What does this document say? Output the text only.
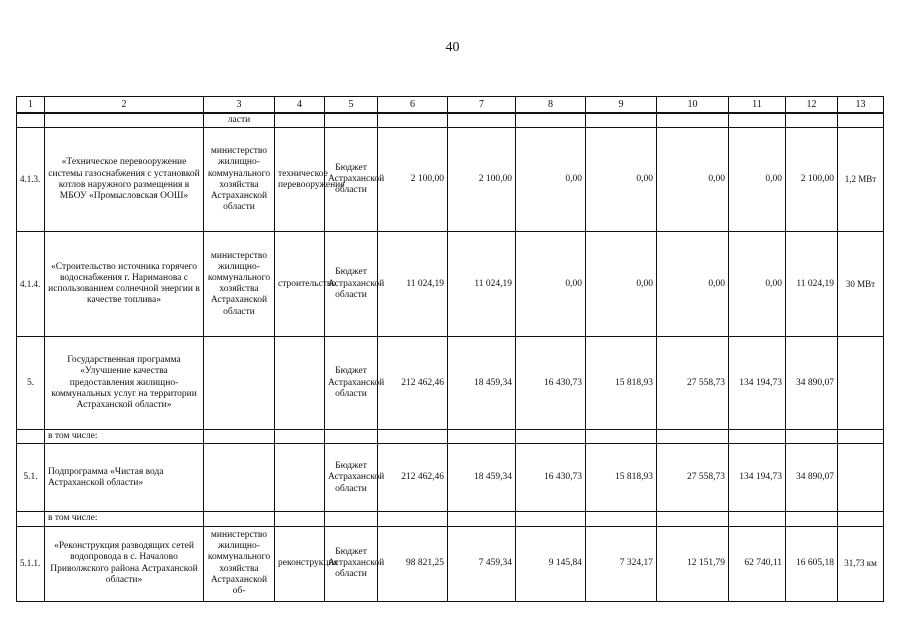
40
1	2	3	4	5	6	7	8	9	10	11	12	13
		ласти										
4.1.3.	«Техническое перевооружение системы газоснабжения с установкой котлов наружного размещения в МБОУ «Промысловская ООШ»	министерство жилищно-коммунального хозяйства Астраханской области	техническое перевооружение	Бюджет Астраханской области	2 100,00	2 100,00	0,00	0,00	0,00	0,00	2 100,00	1,2 МВт
4.1.4.	«Строительство источника горячего водоснабжения г. Нариманова с использованием солнечной энергии в качестве топлива»	министерство жилищно-коммунального хозяйства Астраханской области	строительство	Бюджет Астраханской области	11 024,19	11 024,19	0,00	0,00	0,00	0,00	11 024,19	30 МВт
5.	Государственная программа «Улучшение качества предоставления жилищно-коммунальных услуг на территории Астраханской области»			Бюджет Астраханской области	212 462,46	18 459,34	16 430,73	15 818,93	27 558,73	134 194,73	34 890,07	
	в том числе:											
5.1.	Подпрограмма «Чистая вода Астраханской области»			Бюджет Астраханской области	212 462,46	18 459,34	16 430,73	15 818,93	27 558,73	134 194,73	34 890,07	
	в том числе:											
5.1.1.	«Реконструкция разводящих сетей водопровода в с. Началово Приволжского района Астраханской области»	министерство жилищно-коммунального хозяйства Астраханской об-	реконструкция	Бюджет Астраханской области	98 821,25	7 459,34	9 145,84	7 324,17	12 151,79	62 740,11	16 605,18	31,73 км
